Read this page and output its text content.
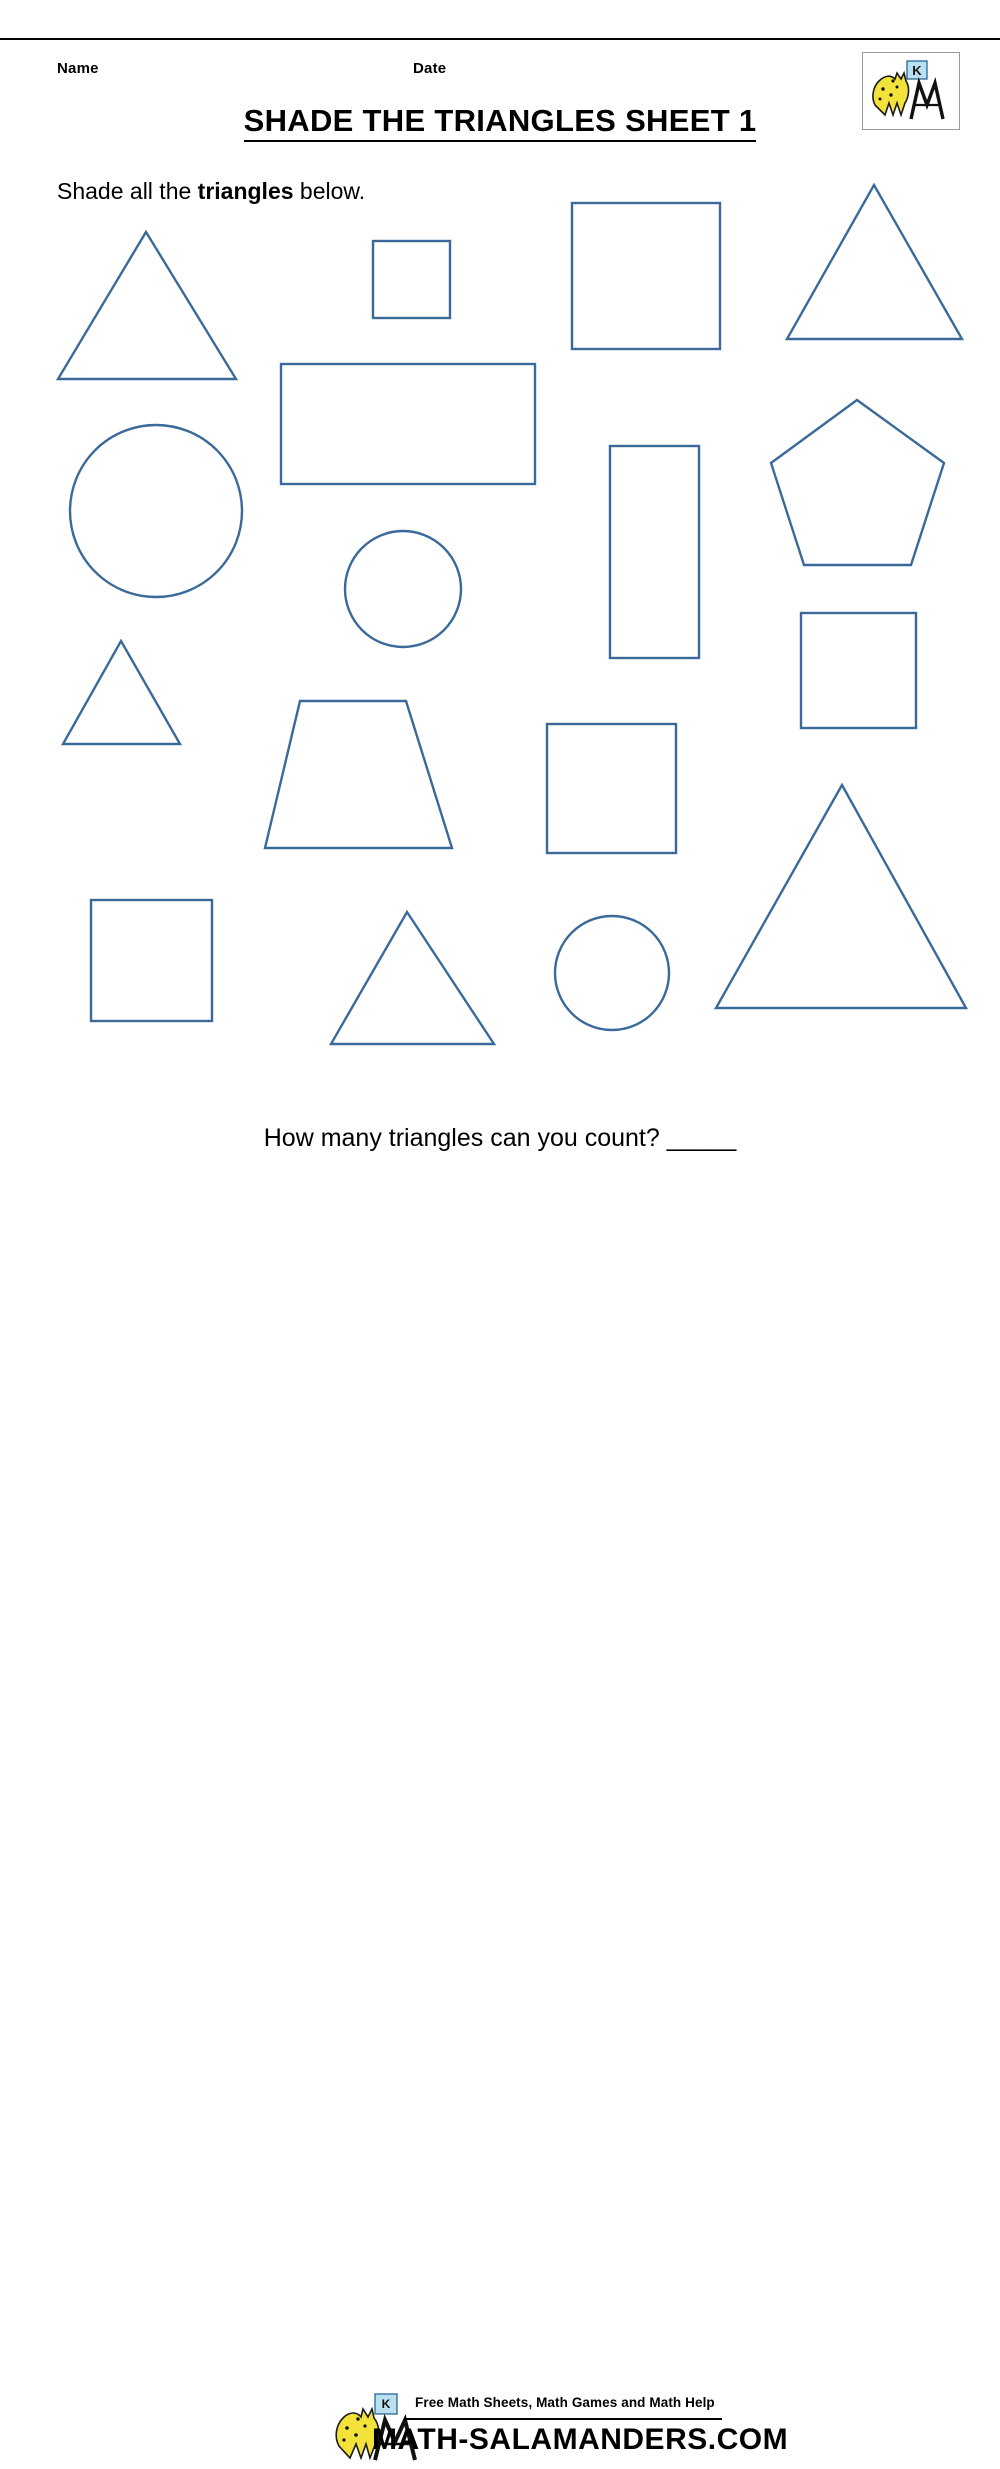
Name	Date
SHADE THE TRIANGLES SHEET 1
K
Shade all the triangles below.
How many triangles can you count? _____
K Free Math Sheets, Math Games and Math Help
MATH-SALAMANDERS.COM
